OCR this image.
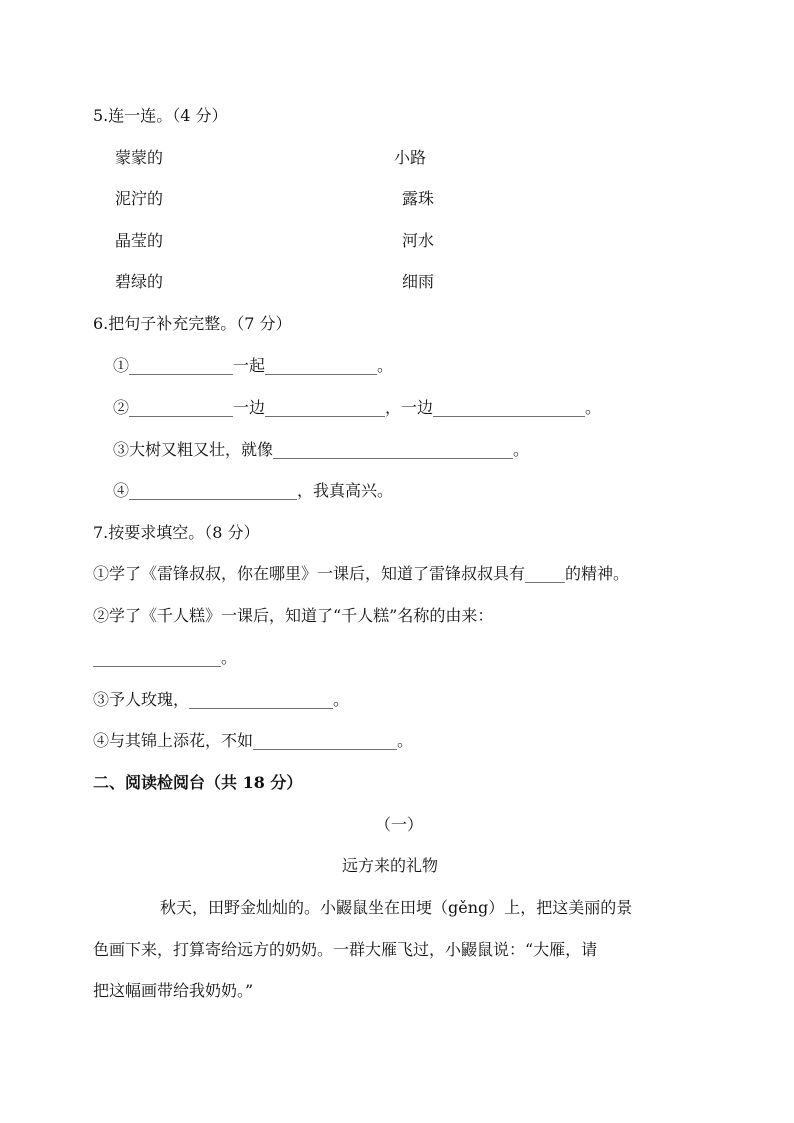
5.连一连。（4 分）
蒙蒙的
泥泞的
晶莹的
碧绿的
小路
露珠
河水
细雨
6.把句子补充完整。（7 分）
①_____________一起______________。
②_____________一边_______________，一边___________________。
③大树又粗又壮，就像______________________________。
④_____________________，我真高兴。
7.按要求填空。（8 分）
①学了《雷锋叔叔，你在哪里》一课后，知道了雷锋叔叔具有_____的精神。
②学了《千人糕》一课后，知道了“千人糕”名称的由来：
________________。
③予人玫瑰，__________________。
④与其锦上添花，不如__________________。
二、阅读检阅台（共 18 分）
（一）
远方来的礼物
秋天，田野金灿灿的。小鼹鼠坐在田埂（gěng）上，把这美丽的景
色画下来，打算寄给远方的奶奶。一群大雁飞过，小鼹鼠说：“大雁，请
把这幅画带给我奶奶。”
